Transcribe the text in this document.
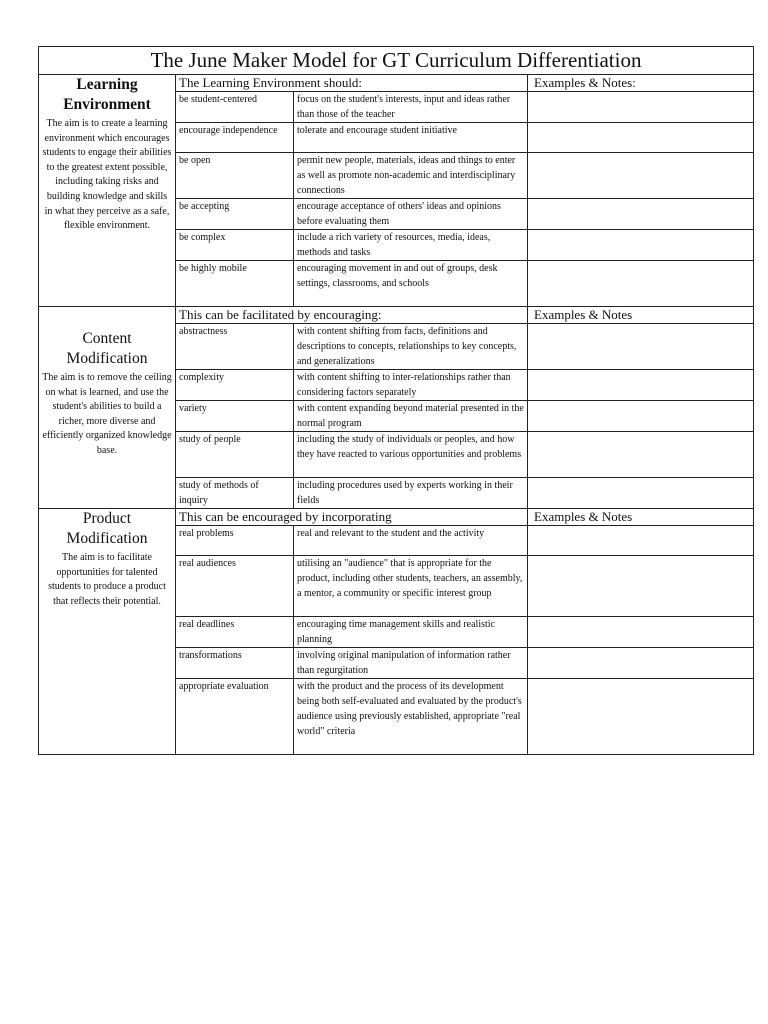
The June Maker Model for GT Curriculum Differentiation			

Learning Environment
The aim is to create a learning environment which encourages students to engage their abilities to the greatest extent possible, including taking risks and building knowledge and skills in what they perceive as a safe, flexible environment.	The Learning Environment should:		Examples & Notes:
	be student-centered	focus on the student's interests, input and ideas rather than those of the teacher	
	encourage independence	tolerate and encourage student initiative	
	be open	permit new people, materials, ideas and things to enter as well as promote non-academic and interdisciplinary connections	
	be accepting	encourage acceptance of others' ideas and opinions before evaluating them	
	be complex	include a rich variety of resources, media, ideas, methods and tasks	
	be highly mobile	encouraging movement in and out of groups, desk settings, classrooms, and schools	

Content Modification
The aim is to remove the ceiling on what is learned, and use the student's abilities to build a richer, more diverse and efficiently organized knowledge base.	This can be facilitated by encouraging:		Examples & Notes
	abstractness	with content shifting from facts, definitions and descriptions to concepts, relationships to key concepts, and generalizations	
	complexity	with content shifting to inter-relationships rather than considering factors separately	
	variety	with content expanding beyond material presented in the normal program	
	study of people	including the study of individuals or peoples, and how they have reacted to various opportunities and problems	
	study of methods of inquiry	including procedures used by experts working in their fields	

Product Modification
The aim is to facilitate opportunities for talented students to produce a product that reflects their potential.	This can be encouraged by incorporating		Examples & Notes
	real problems	real and relevant to the student and the activity	
	real audiences	utilising an "audience" that is appropriate for the product, including other students, teachers, an assembly, a mentor, a community or specific interest group	
	real deadlines	encouraging time management skills and realistic planning	
	transformations	involving original manipulation of information rather than regurgitation	
	appropriate evaluation	with the product and the process of its development being both self-evaluated and evaluated by the product's audience using previously established, appropriate "real world" criteria	
